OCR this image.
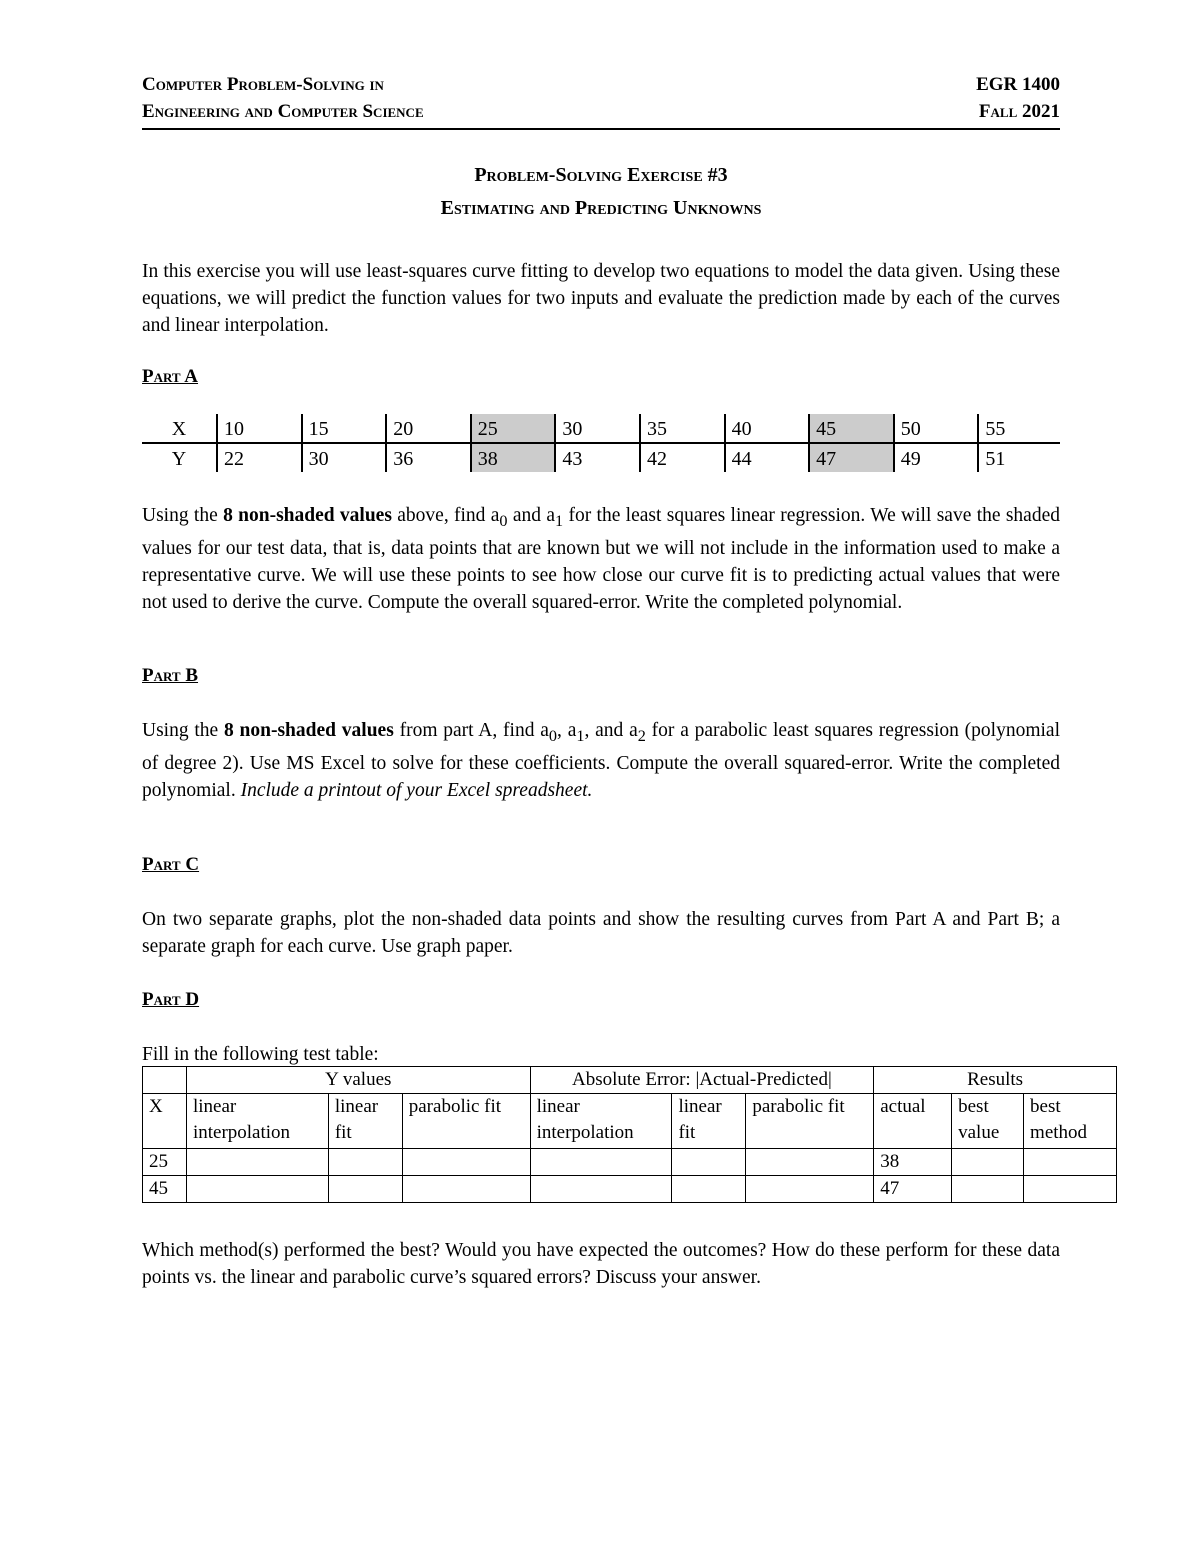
Computer Problem-Solving in
Engineering and Computer Science
EGR 1400
Fall 2021
Problem-Solving Exercise #3
Estimating and Predicting Unknowns

In this exercise you will use least-squares curve fitting to develop two equations to model the data given. Using these equations, we will predict the function values for two inputs and evaluate the prediction made by each of the curves and linear interpolation.

Part A
X	10	15	20	25	30	35	40	45	50	55
Y	22	30	36	38	43	42	44	47	49	51

Using the 8 non-shaded values above, find $a_0$ and $a_1$ for the least squares linear regression. We will save the shaded values for our test data, that is, data points that are known but we will not include in the information used to make a representative curve. We will use these points to see how close our curve fit is to predicting actual values that were not used to derive the curve. Compute the overall squared-error. Write the completed polynomial.

Part B

Using the 8 non-shaded values from part A, find $a_0$, $a_1$, and $a_2$ for a parabolic least squares regression (polynomial of degree 2). Use MS Excel to solve for these coefficients. Compute the overall squared-error. Write the completed polynomial. Include a printout of your Excel spreadsheet.

Part C

On two separate graphs, plot the non-shaded data points and show the resulting curves from Part A and Part B; a separate graph for each curve. Use graph paper.

Part D

Fill in the following test table:

	Y values			Absolute Error: |Actual-Predicted|			Results		
X	linear interpolation	linear fit	parabolic fit	linear interpolation	linear fit	parabolic fit	actual	best value	best method
25							38		
45							47		

Which method(s) performed the best? Would you have expected the outcomes? How do these perform for these data points vs. the linear and parabolic curve’s squared errors? Discuss your answer.
